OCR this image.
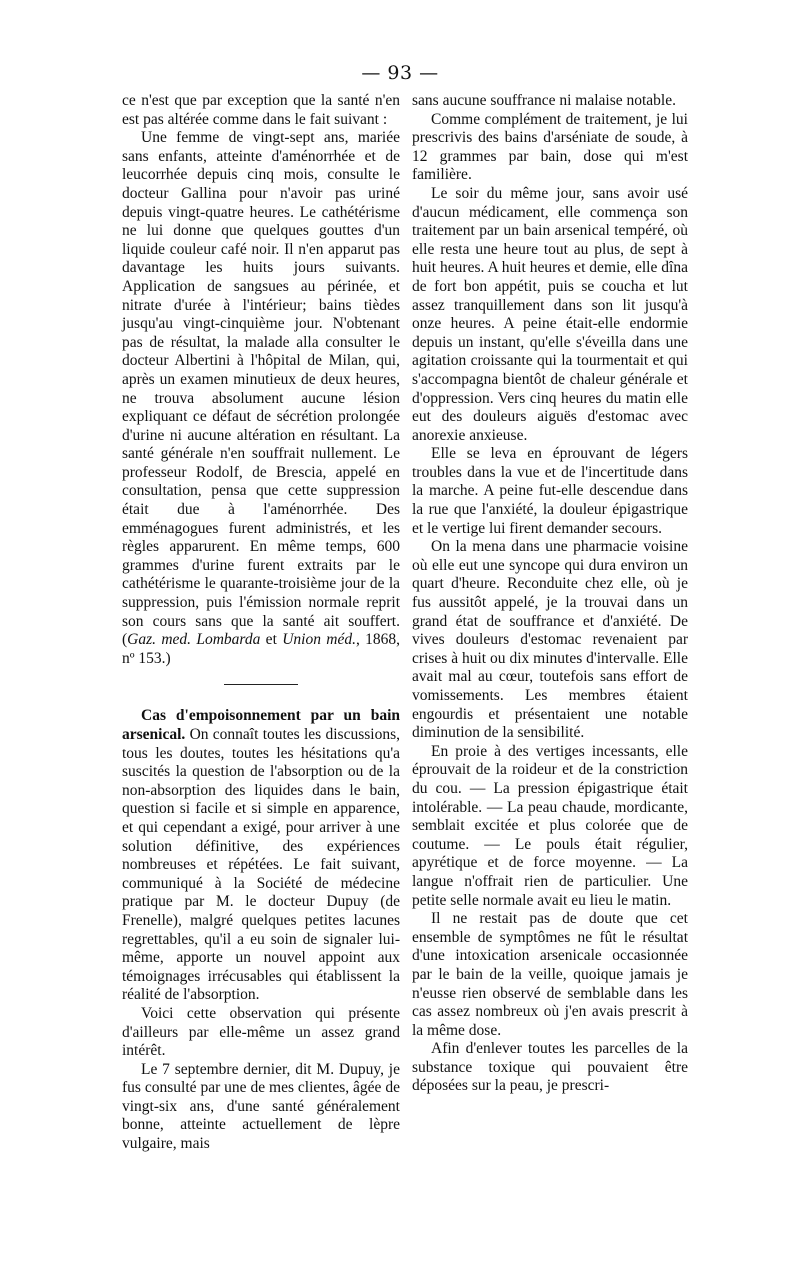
— 93 —

ce n'est que par exception que la santé n'en est pas altérée comme dans le fait suivant :

Une femme de vingt-sept ans, mariée sans enfants, atteinte d'aménorrhée et de leucorrhée depuis cinq mois, consulte le docteur Gallina pour n'avoir pas uriné depuis vingt-quatre heures. Le cathétérisme ne lui donne que quelques gouttes d'un liquide couleur café noir. Il n'en apparut pas davantage les huits jours suivants. Application de sangsues au périnée, et nitrate d'urée à l'intérieur; bains tièdes jusqu'au vingt-cinquième jour. N'obtenant pas de résultat, la malade alla consulter le docteur Albertini à l'hôpital de Milan, qui, après un examen minutieux de deux heures, ne trouva absolument aucune lésion expliquant ce défaut de sécrétion prolongée d'urine ni aucune altération en résultant. La santé générale n'en souffrait nullement. Le professeur Rodolf, de Brescia, appelé en consultation, pensa que cette suppression était due à l'aménorrhée. Des emménagogues furent administrés, et les règles apparurent. En même temps, 600 grammes d'urine furent extraits par le cathétérisme le quarante-troisième jour de la suppression, puis l'émission normale reprit son cours sans que la santé ait souffert. (Gaz. med. Lombarda et Union méd., 1868, nº 153.)

Cas d'empoisonnement par un bain arsenical. On connaît toutes les discussions, tous les doutes, toutes les hésitations qu'a suscités la question de l'absorption ou de la non-absorption des liquides dans le bain, question si facile et si simple en apparence, et qui cependant a exigé, pour arriver à une solution définitive, des expériences nombreuses et répétées. Le fait suivant, communiqué à la Société de médecine pratique par M. le docteur Dupuy (de Frenelle), malgré quelques petites lacunes regrettables, qu'il a eu soin de signaler lui-même, apporte un nouvel appoint aux témoignages irrécusables qui établissent la réalité de l'absorption.

Voici cette observation qui présente d'ailleurs par elle-même un assez grand intérêt.

Le 7 septembre dernier, dit M. Dupuy, je fus consulté par une de mes clientes, âgée de vingt-six ans, d'une santé généralement bonne, atteinte actuellement de lèpre vulgaire, mais

sans aucune souffrance ni malaise notable.

Comme complément de traitement, je lui prescrivis des bains d'arséniate de soude, à 12 grammes par bain, dose qui m'est familière.

Le soir du même jour, sans avoir usé d'aucun médicament, elle commença son traitement par un bain arsenical tempéré, où elle resta une heure tout au plus, de sept à huit heures. A huit heures et demie, elle dîna de fort bon appétit, puis se coucha et lut assez tranquillement dans son lit jusqu'à onze heures. A peine était-elle endormie depuis un instant, qu'elle s'éveilla dans une agitation croissante qui la tourmentait et qui s'accompagna bientôt de chaleur générale et d'oppression. Vers cinq heures du matin elle eut des douleurs aiguës d'estomac avec anorexie anxieuse.

Elle se leva en éprouvant de légers troubles dans la vue et de l'incertitude dans la marche. A peine fut-elle descendue dans la rue que l'anxiété, la douleur épigastrique et le vertige lui firent demander secours.

On la mena dans une pharmacie voisine où elle eut une syncope qui dura environ un quart d'heure. Reconduite chez elle, où je fus aussitôt appelé, je la trouvai dans un grand état de souffrance et d'anxiété. De vives douleurs d'estomac revenaient par crises à huit ou dix minutes d'intervalle. Elle avait mal au cœur, toutefois sans effort de vomissements. Les membres étaient engourdis et présentaient une notable diminution de la sensibilité.

En proie à des vertiges incessants, elle éprouvait de la roideur et de la constriction du cou. — La pression épigastrique était intolérable. — La peau chaude, mordicante, semblait excitée et plus colorée que de coutume. — Le pouls était régulier, apyrétique et de force moyenne. — La langue n'offrait rien de particulier. Une petite selle normale avait eu lieu le matin.

Il ne restait pas de doute que cet ensemble de symptômes ne fût le résultat d'une intoxication arsenicale occasionnée par le bain de la veille, quoique jamais je n'eusse rien observé de semblable dans les cas assez nombreux où j'en avais prescrit à la même dose.

Afin d'enlever toutes les parcelles de la substance toxique qui pouvaient être déposées sur la peau, je prescri-
